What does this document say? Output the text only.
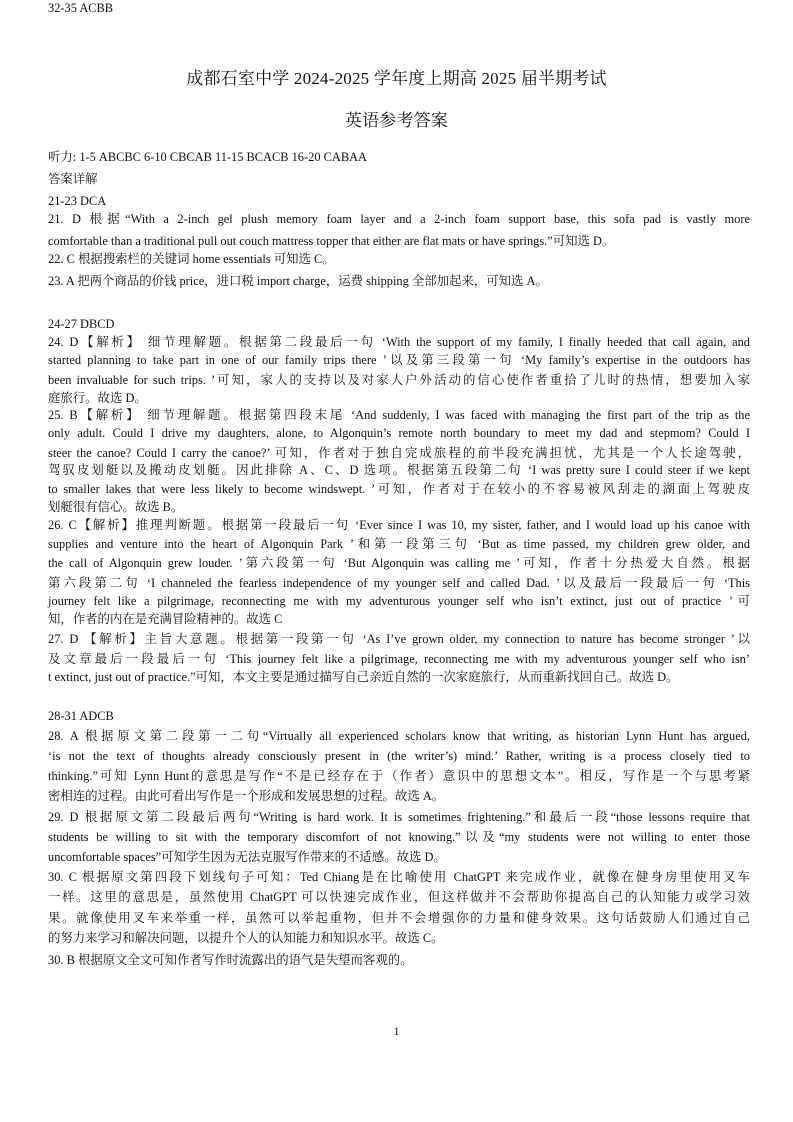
成都石室中学 2024-2025 学年度上期高 2025 届半期考试
英语参考答案
听力: 1-5 ABCBC 6-10 CBCAB 11-15 BCACB 16-20 CABAA
答案详解
21-23 DCA
21. D 根据“With a 2-inch gel plush memory foam layer and a 2-inch foam support base, this sofa pad is vastly more
comfortable than a traditional pull out couch mattress topper that either are flat mats or have springs.”可知选 D。
22. C 根据搜索栏的关键词 home essentials 可知选 C。
23. A 把两个商品的价钱 price，进口税 import charge，运费 shipping 全部加起来，可知选 A。
24-27 DBCD
24. D【解析】 细节理解题。根据第二段最后一句 ‘With the support of my family, I finally heeded that call again, and
started planning to take part in one of our family trips there ’以及第三段第一句 ‘My family’s expertise in the outdoors has
been invaluable for such trips. ’可知，家人的支持以及对家人户外活动的信心使作者重拾了儿时的热情，想要加入家
庭旅行。故选 D。
25. B【解析】 细节理解题。根据第四段末尾 ‘And suddenly, I was faced with managing the first part of the trip as the
only adult. Could I drive my daughters, alone, to Algonquin’s remote north boundary to meet my dad and stepmom? Could I
steer the canoe? Could I carry the canoe?’ 可知，作者对于独自完成旅程的前半段充满担忧，尤其是一个人长途驾驶，
驾驭皮划艇以及搬动皮划艇。因此排除 A、C、D 选项。根据第五段第二句 ‘I was pretty sure I could steer if we kept
to smaller lakes that were less likely to become windswept. ’可知，作者对于在较小的不容易被风刮走的湖面上驾驶皮
划艇很有信心。故选 B。
26. C【解析】推理判断题。根据第一段最后一句 ‘Ever since I was 10, my sister, father, and I would load up his canoe with
supplies and venture into the heart of Algonquin Park ’和第一段第三句 ‘But as time passed, my children grew older, and
the call of Algonquin grew louder. ’第六段第一句 ‘But Algonquin was calling me ’可知，作者十分热爱大自然。根据
第六段第二句 ‘I channeled the fearless independence of my younger self and called Dad. ’以及最后一段最后一句 ‘This
journey felt like a pilgrimage, reconnecting me with my adventurous younger self who isn’t extinct, just out of practice ’可
知，作者的内在是充满冒险精神的。故选 C
27. D 【解析】主旨大意题。根据第一段第一句 ‘As I’ve grown older, my connection to nature has become stronger ’以
及文章最后一段最后一句 ‘This journey felt like a pilgrimage, reconnecting me with my adventurous younger self who isn’
t extinct, just out of practice.”可知，本文主要是通过描写自己亲近自然的一次家庭旅行，从而重新找回自己。故选 D。
28-31 ADCB
28. A 根据原文第二段第一二句“Virtually all experienced scholars know that writing, as historian Lynn Hunt has argued,
‘is not the text of thoughts already consciously present in (the writer’s) mind.’ Rather, writing is a process closely tied to
thinking.”可知 Lynn Hunt的意思是写作“不是已经存在于（作者）意识中的思想文本”。相反，写作是一个与思考紧
密相连的过程。由此可看出写作是一个形成和发展思想的过程。故选 A。
29. D 根据原文第二段最后两句“Writing is hard work. It is sometimes frightening.”和最后一段“those lessons require that
students be willing to sit with the temporary discomfort of not knowing.”以及“my students were not willing to enter those
uncomfortable spaces”可知学生因为无法克服写作带来的不适感。故选 D。
30. C 根据原文第四段下划线句子可知：Ted Chiang是在比喻使用 ChatGPT 来完成作业，就像在健身房里使用叉车
一样。这里的意思是，虽然使用 ChatGPT 可以快速完成作业，但这样做并不会帮助你提高自己的认知能力或学习效
果。就像使用叉车来举重一样，虽然可以举起重物，但并不会增强你的力量和健身效果。这句话鼓励人们通过自己
的努力来学习和解决问题，以提升个人的认知能力和知识水平。故选 C。
30. B 根据原文全文可知作者写作时流露出的语气是失望而客观的。
32-35 ACBB
1
